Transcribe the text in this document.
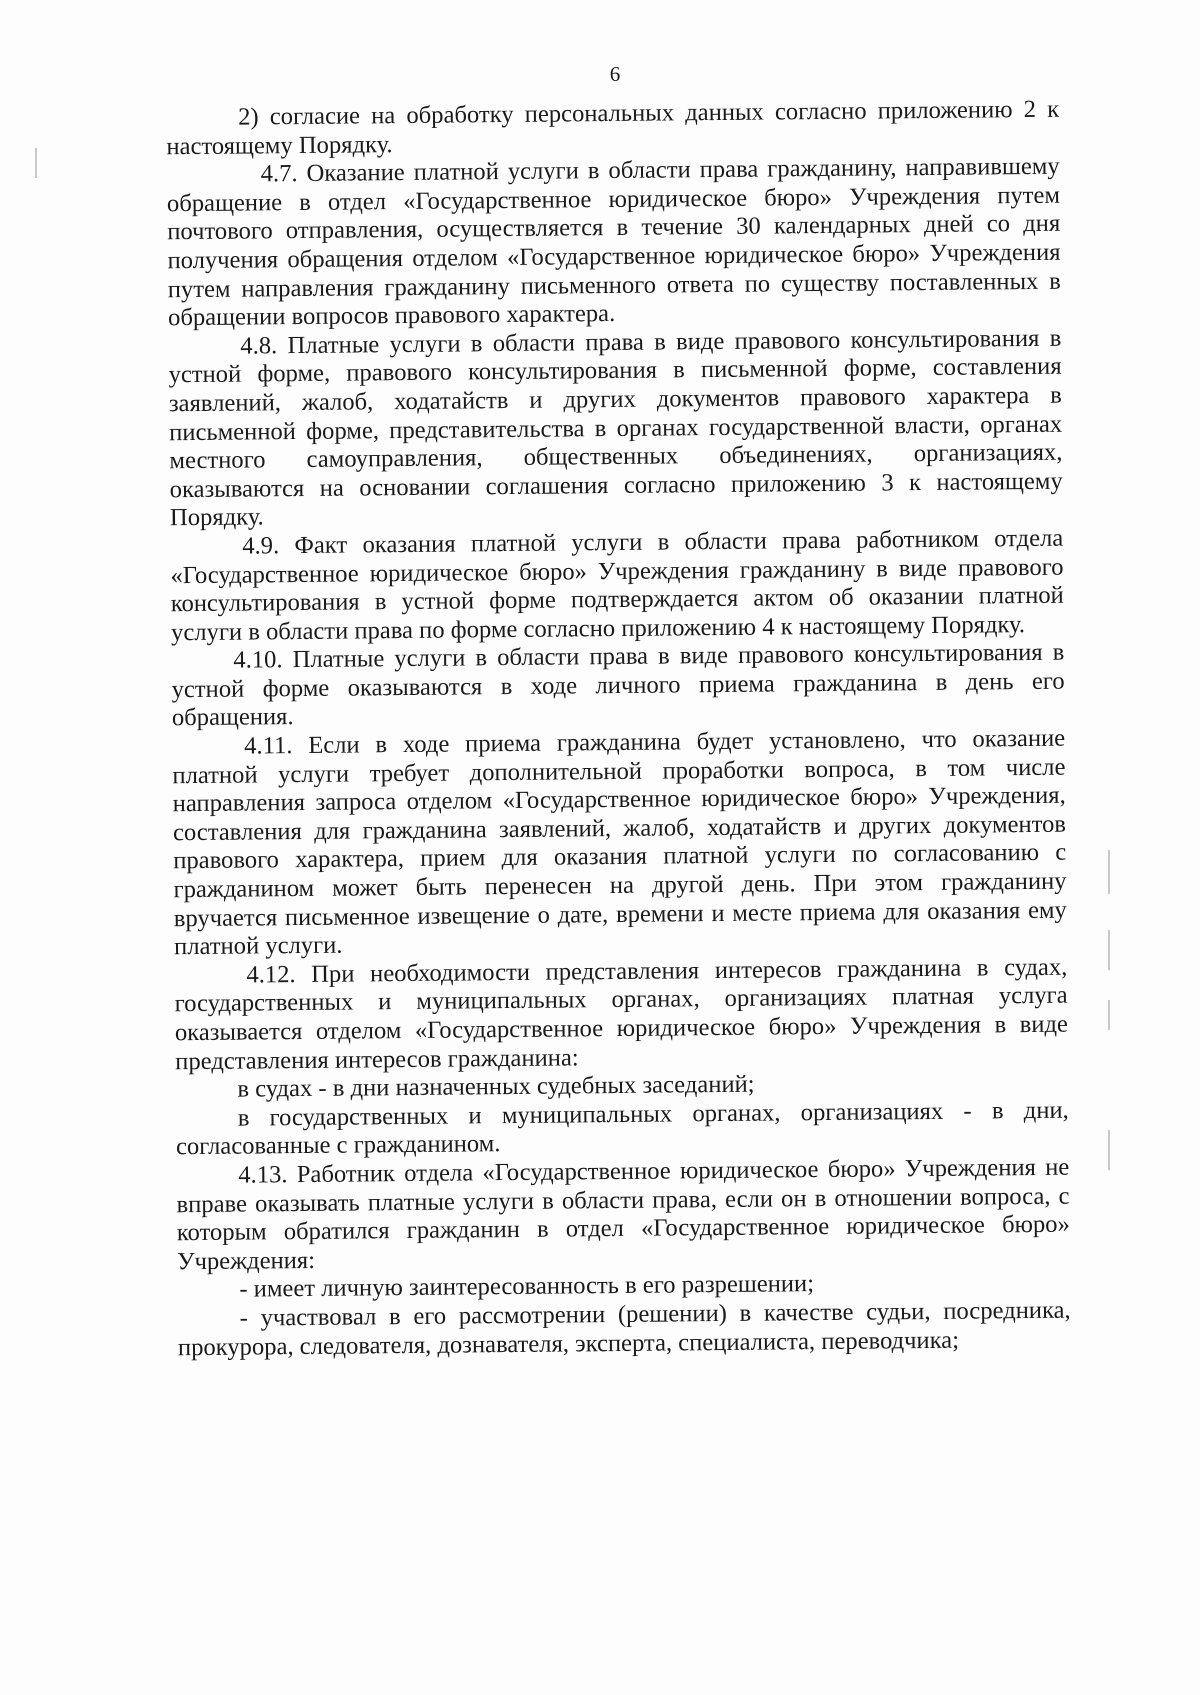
6

2) согласие на обработку персональных данных согласно приложению 2 к настоящему Порядку.

4.7. Оказание платной услуги в области права гражданину, направившему обращение в отдел «Государственное юридическое бюро» Учреждения путем почтового отправления, осуществляется в течение 30 календарных дней со дня получения обращения отделом «Государственное юридическое бюро» Учреждения путем направления гражданину письменного ответа по существу поставленных в обращении вопросов правового характера.

4.8. Платные услуги в области права в виде правового консультирования в устной форме, правового консультирования в письменной форме, составления заявлений, жалоб, ходатайств и других документов правового характера в письменной форме, представительства в органах государственной власти, органах местного самоуправления, общественных объединениях, организациях, оказываются на основании соглашения согласно приложению 3 к настоящему Порядку.

4.9. Факт оказания платной услуги в области права работником отдела «Государственное юридическое бюро» Учреждения гражданину в виде правового консультирования в устной форме подтверждается актом об оказании платной услуги в области права по форме согласно приложению 4 к настоящему Порядку.

4.10. Платные услуги в области права в виде правового консультирования в устной форме оказываются в ходе личного приема гражданина в день его обращения.

4.11. Если в ходе приема гражданина будет установлено, что оказание платной услуги требует дополнительной проработки вопроса, в том числе направления запроса отделом «Государственное юридическое бюро» Учреждения, составления для гражданина заявлений, жалоб, ходатайств и других документов правового характера, прием для оказания платной услуги по согласованию с гражданином может быть перенесен на другой день. При этом гражданину вручается письменное извещение о дате, времени и месте приема для оказания ему платной услуги.

4.12. При необходимости представления интересов гражданина в судах, государственных и муниципальных органах, организациях платная услуга оказывается отделом «Государственное юридическое бюро» Учреждения в виде представления интересов гражданина:

в судах - в дни назначенных судебных заседаний;

в государственных и муниципальных органах, организациях - в дни, согласованные с гражданином.

4.13. Работник отдела «Государственное юридическое бюро» Учреждения не вправе оказывать платные услуги в области права, если он в отношении вопроса, с которым обратился гражданин в отдел «Государственное юридическое бюро» Учреждения:

- имеет личную заинтересованность в его разрешении;

- участвовал в его рассмотрении (решении) в качестве судьи, посредника, прокурора, следователя, дознавателя, эксперта, специалиста, переводчика;
